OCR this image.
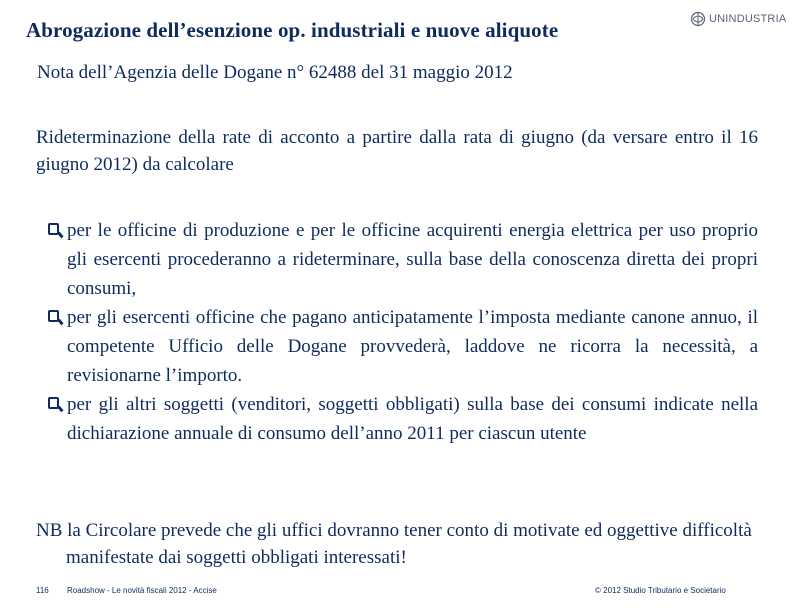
Abrogazione dell’esenzione op. industriali e nuove aliquote	UNINDUSTRIA
Nota dell’Agenzia delle Dogane n° 62488 del 31 maggio 2012
Rideterminazione della rate di acconto a partire dalla rata di giugno (da versare entro il 16 giugno 2012) da calcolare
per le officine di produzione e per le officine acquirenti energia elettrica per uso proprio gli esercenti procederanno a rideterminare, sulla base della conoscenza diretta dei propri consumi,
per gli esercenti officine che pagano anticipatamente l’imposta mediante canone annuo, il competente Ufficio delle Dogane provvederà, laddove ne ricorra la necessità, a revisionarne l’importo.
per gli altri soggetti (venditori, soggetti obbligati) sulla base dei consumi indicate nella dichiarazione annuale di consumo dell’anno 2011 per ciascun utente
NB la Circolare prevede che gli uffici dovranno tener conto di motivate ed oggettive difficoltà manifestate dai soggetti obbligati interessati!
116 Roadshow - Le novità fiscali 2012 - Accise	© 2012 Studio Tributario e Societario
